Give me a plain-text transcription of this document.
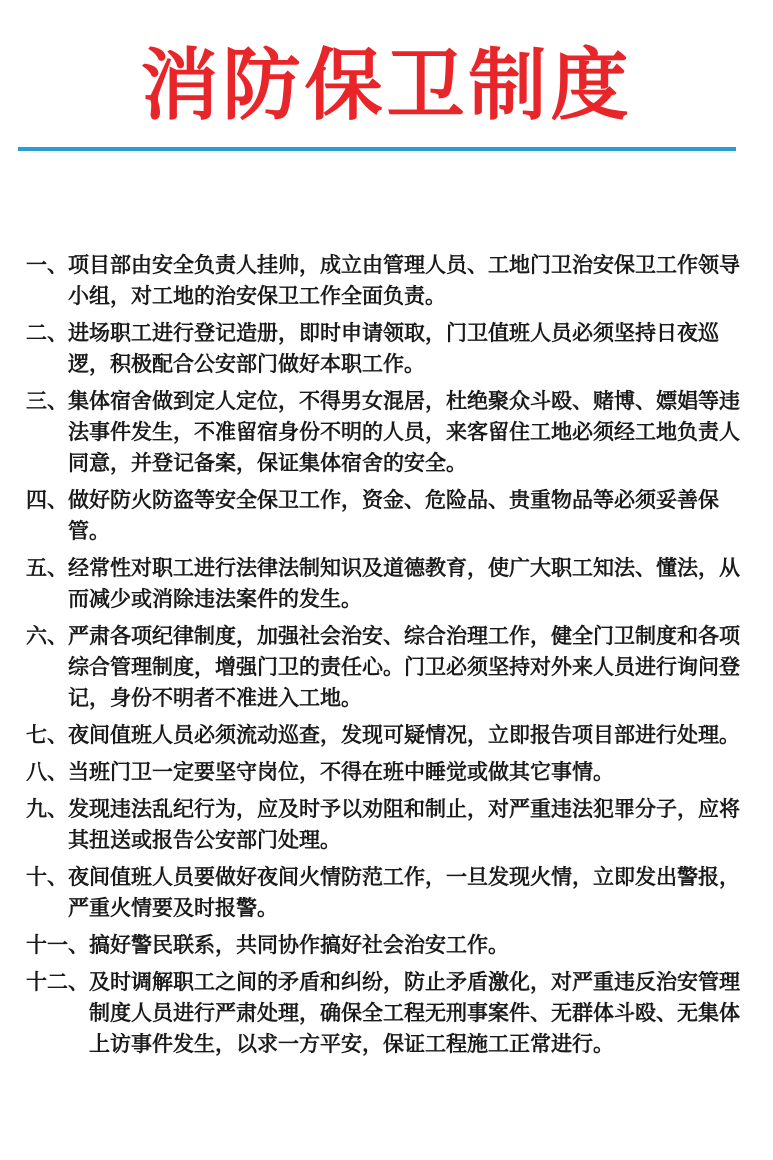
消防保卫制度
一、 项目部由安全负责人挂帅，成立由管理人员、工地门卫治安保卫工作领导小组，对工地的治安保卫工作全面负责。
二、 进场职工进行登记造册，即时申请领取，门卫值班人员必须坚持日夜巡逻，积极配合公安部门做好本职工作。
三、 集体宿舍做到定人定位，不得男女混居，杜绝聚众斗殴、赌博、嫖娼等违法事件发生，不准留宿身份不明的人员，来客留住工地必须经工地负责人同意，并登记备案，保证集体宿舍的安全。
四、 做好防火防盗等安全保卫工作，资金、危险品、贵重物品等必须妥善保管。
五、 经常性对职工进行法律法制知识及道德教育，使广大职工知法、懂法，从而减少或消除违法案件的发生。
六、 严肃各项纪律制度，加强社会治安、综合治理工作，健全门卫制度和各项综合管理制度，增强门卫的责任心。门卫必须坚持对外来人员进行询问登记，身份不明者不准进入工地。
七、 夜间值班人员必须流动巡查，发现可疑情况，立即报告项目部进行处理。
八、 当班门卫一定要坚守岗位，不得在班中睡觉或做其它事情。
九、 发现违法乱纪行为，应及时予以劝阻和制止，对严重违法犯罪分子，应将其扭送或报告公安部门处理。
十、 夜间值班人员要做好夜间火情防范工作，一旦发现火情，立即发出警报，严重火情要及时报警。
十一、 搞好警民联系，共同协作搞好社会治安工作。
十二、 及时调解职工之间的矛盾和纠纷，防止矛盾激化，对严重违反治安管理制度人员进行严肃处理，确保全工程无刑事案件、无群体斗殴、无集体上访事件发生，以求一方平安，保证工程施工正常进行。
